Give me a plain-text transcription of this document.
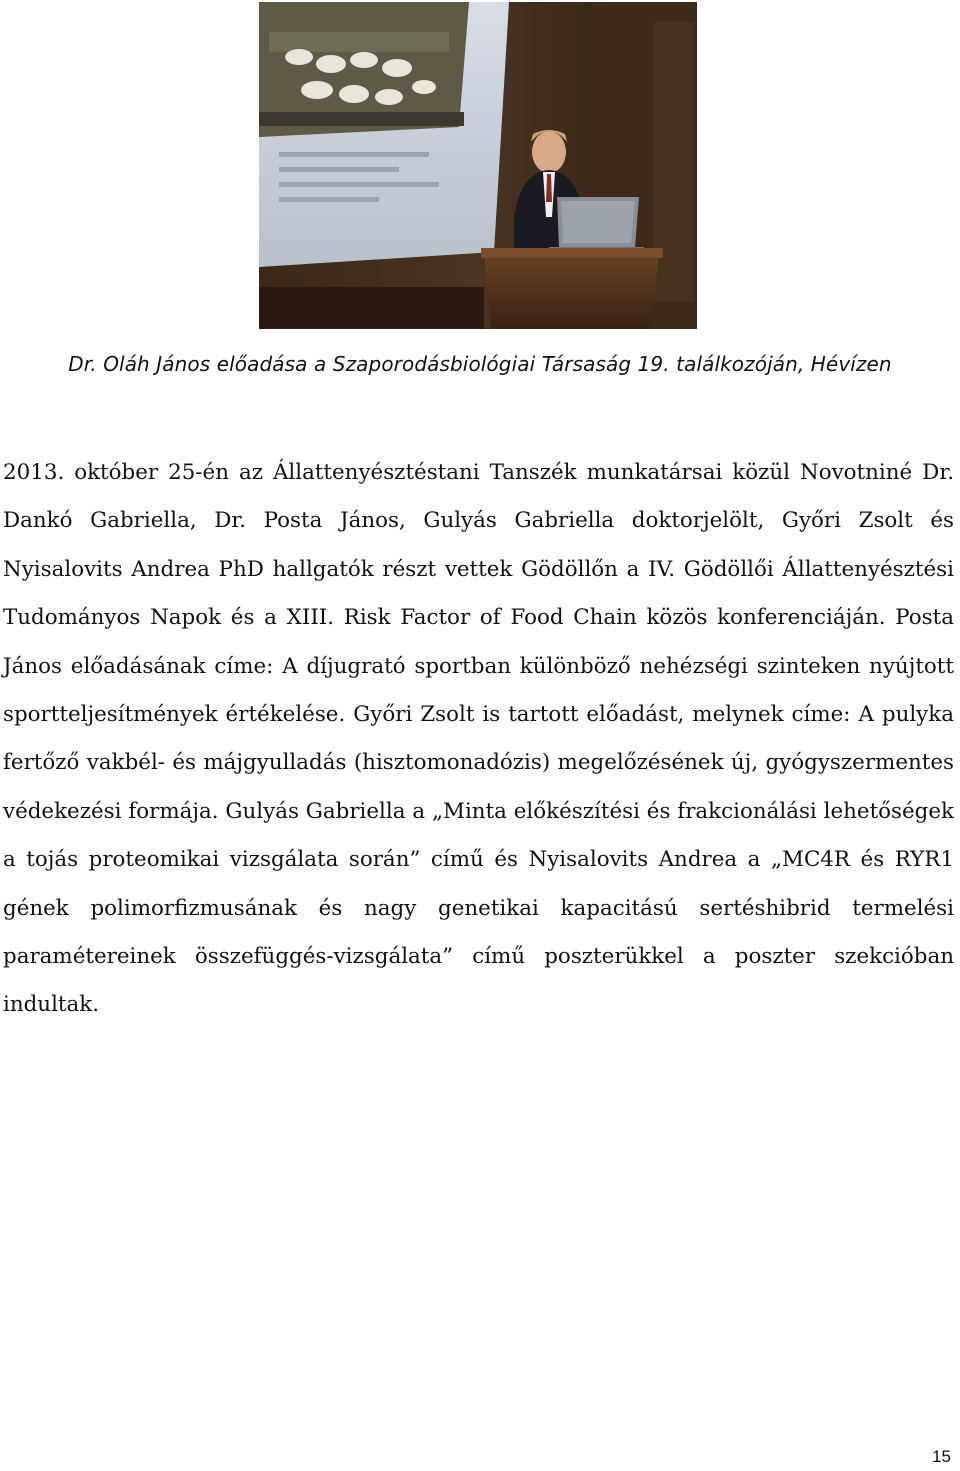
Dr. Oláh János előadása a Szaporodásbiológiai Társaság 19. találkozóján, Hévízen

2013. október 25-én az Állattenyésztéstani Tanszék munkatársai közül Novotniné Dr. Dankó Gabriella, Dr. Posta János, Gulyás Gabriella doktorjelölt, Győri Zsolt és Nyisalovits Andrea PhD hallgatók részt vettek Gödöllőn a IV. Gödöllői Állattenyésztési Tudományos Napok és a XIII. Risk Factor of Food Chain közös konferenciáján. Posta János előadásának címe: A díjugrató sportban különböző nehézségi szinteken nyújtott sportteljesítmények értékelése. Győri Zsolt is tartott előadást, melynek címe: A pulyka fertőző vakbél- és májgyulladás (hisztomonadózis) megelőzésének új, gyógyszermentes védekezési formája. Gulyás Gabriella a „Minta előkészítési és frakcionálási lehetőségek a tojás proteomikai vizsgálata során” című és Nyisalovits Andrea a „MC4R és RYR1 gének polimorfizmusának és nagy genetikai kapacitású sertéshibrid termelési paramétereinek összefüggés-vizsgálata” című poszterükkel a poszter szekcióban indultak.

15
